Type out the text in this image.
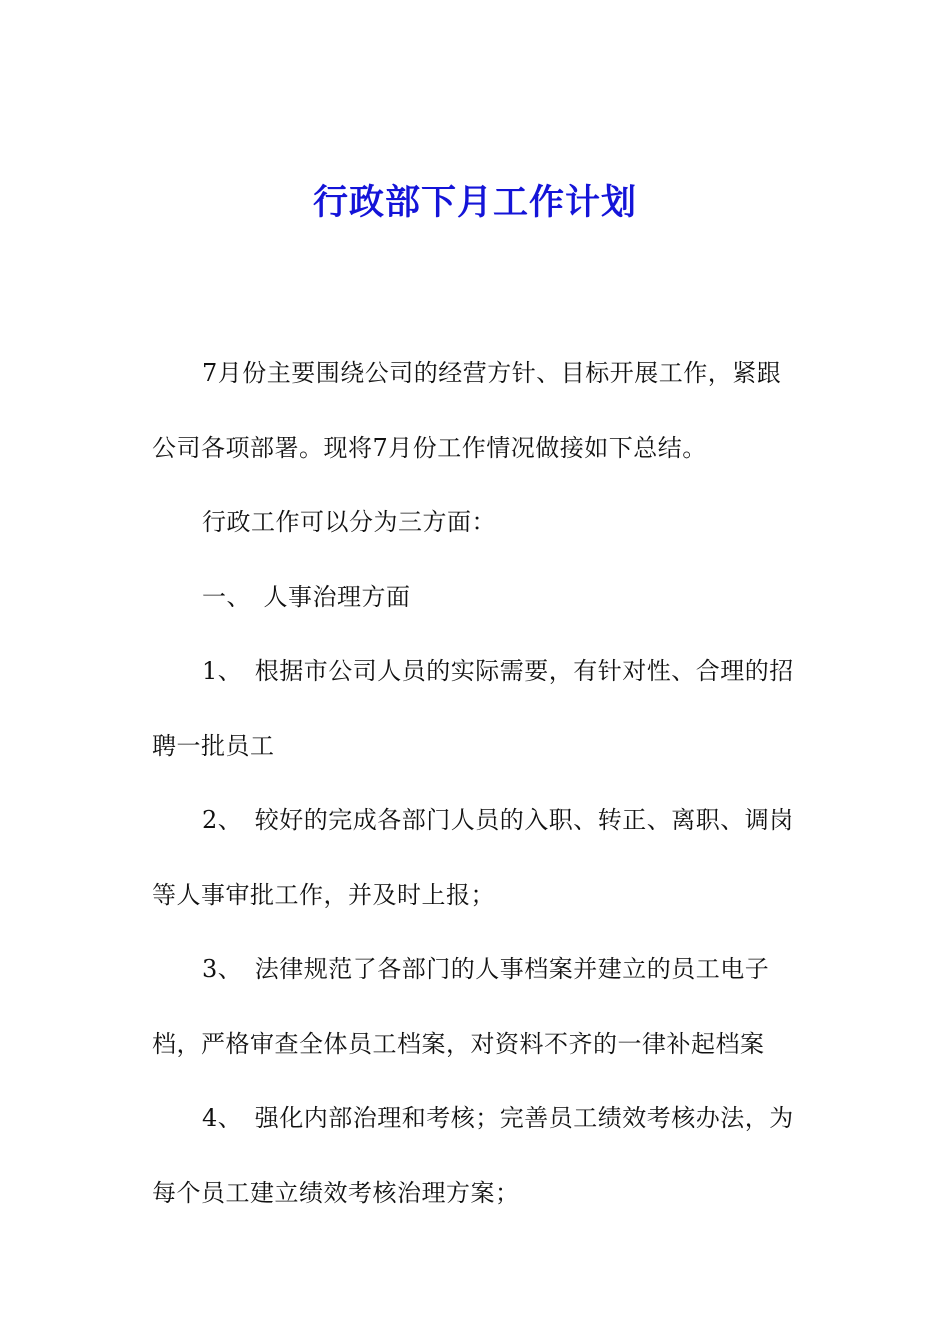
行政部下月工作计划

7月份主要围绕公司的经营方针、目标开展工作，紧跟公司各项部署。现将7月份工作情况做接如下总结。

行政工作可以分为三方面：

一、　人事治理方面

1、　根据市公司人员的实际需要，有针对性、合理的招聘一批员工

2、　较好的完成各部门人员的入职、转正、离职、调岗等人事审批工作，并及时上报；

3、　法律规范了各部门的人事档案并建立的员工电子档，严格审查全体员工档案，对资料不齐的一律补起档案

4、　强化内部治理和考核；完善员工绩效考核办法，为每个员工建立绩效考核治理方案；
